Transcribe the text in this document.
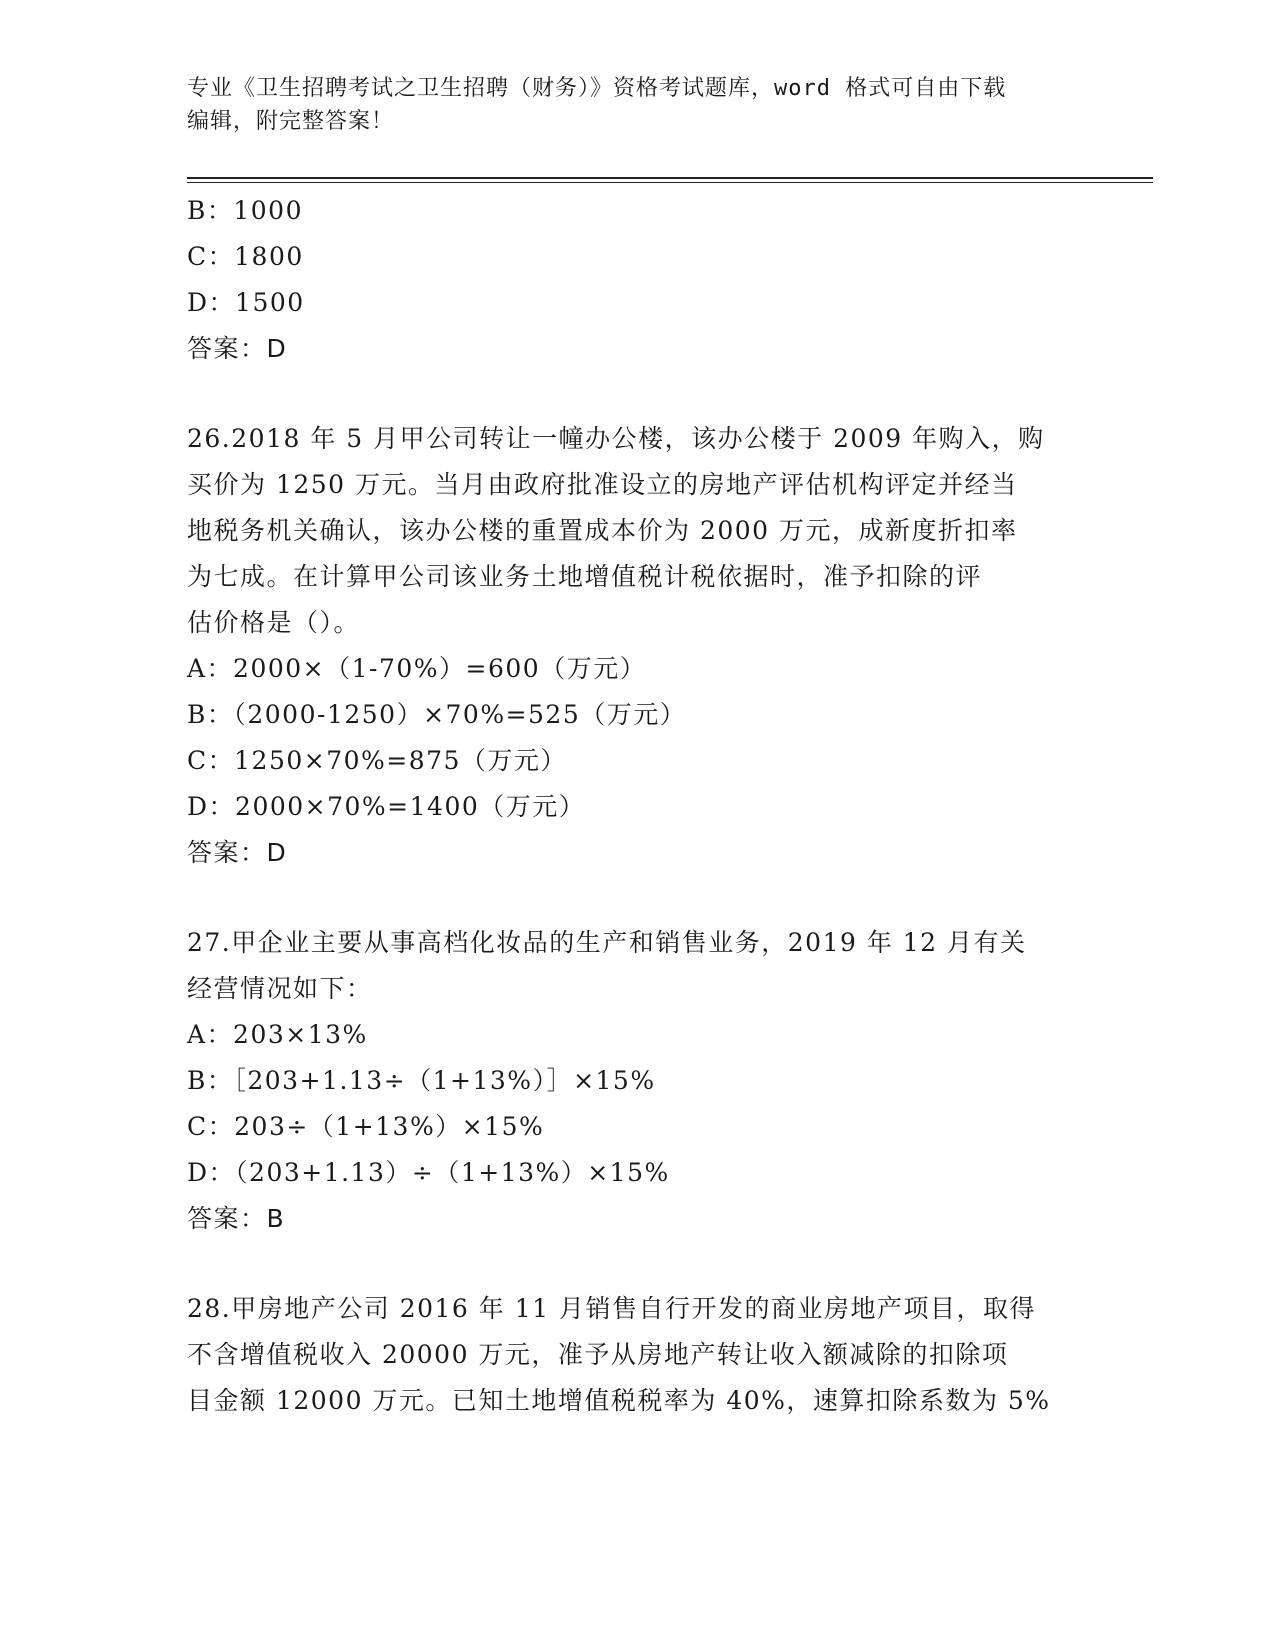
专业《卫生招聘考试之卫生招聘（财务）》资格考试题库，word 格式可自由下载
编辑，附完整答案！
B：1000
C：1800
D：1500
答案：D
26.2018 年 5 月甲公司转让一幢办公楼，该办公楼于 2009 年购入，购
买价为 1250 万元。当月由政府批准设立的房地产评估机构评定并经当
地税务机关确认，该办公楼的重置成本价为 2000 万元，成新度折扣率
为七成。在计算甲公司该业务土地增值税计税依据时，准予扣除的评
估价格是（）。
A：2000×（1-70%）=600（万元）
B：（2000-1250）×70%=525（万元）
C：1250×70%=875（万元）
D：2000×70%=1400（万元）
答案：D
27.甲企业主要从事高档化妆品的生产和销售业务，2019 年 12 月有关
经营情况如下：
A：203×13%
B：［203+1.13÷（1+13%）］×15%
C：203÷（1+13%）×15%
D：（203+1.13）÷（1+13%）×15%
答案：B
28.甲房地产公司 2016 年 11 月销售自行开发的商业房地产项目，取得
不含增值税收入 20000 万元，准予从房地产转让收入额减除的扣除项
目金额 12000 万元。已知土地增值税税率为 40%，速算扣除系数为 5%
